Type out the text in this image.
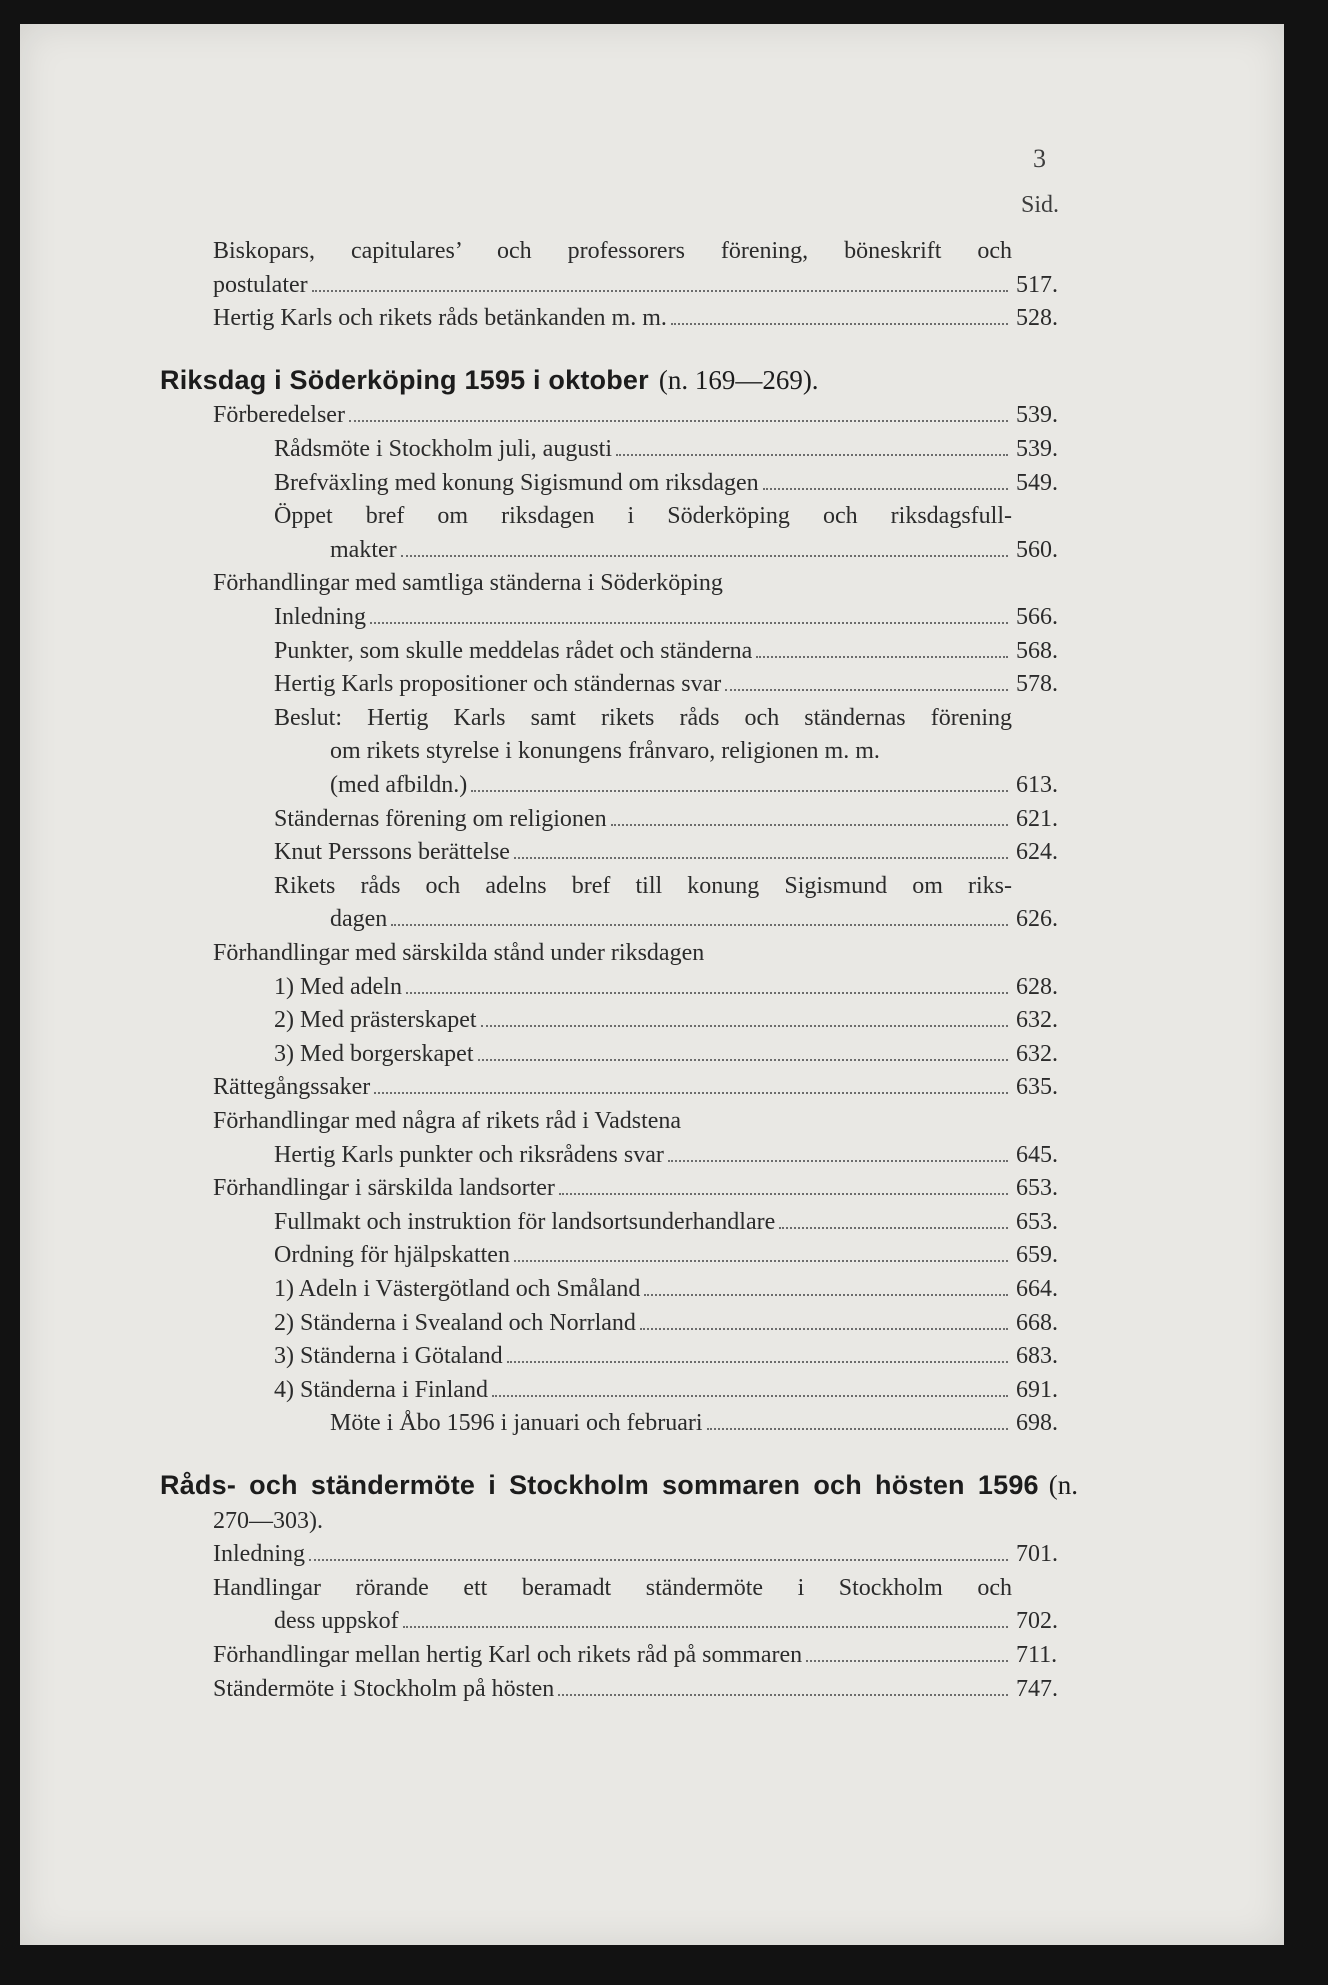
3
Sid.
Biskopars, capitulares’ och professorers förening, böneskrift och
postulater	517.
Hertig Karls och rikets råds betänkanden m. m.	528.
Riksdag i Söderköping 1595 i oktober (n. 169—269).
Förberedelser	539.
Rådsmöte i Stockholm juli, augusti	539.
Brefväxling med konung Sigismund om riksdagen	549.
Öppet bref om riksdagen i Söderköping och riksdagsfull-
makter	560.
Förhandlingar med samtliga ständerna i Söderköping
Inledning	566.
Punkter, som skulle meddelas rådet och ständerna	568.
Hertig Karls propositioner och ständernas svar	578.
Beslut: Hertig Karls samt rikets råds och ständernas förening
om rikets styrelse i konungens frånvaro, religionen m. m.
(med afbildn.)	613.
Ständernas förening om religionen	621.
Knut Perssons berättelse	624.
Rikets råds och adelns bref till konung Sigismund om riks-
dagen	626.
Förhandlingar med särskilda stånd under riksdagen
1) Med adeln	628.
2) Med prästerskapet	632.
3) Med borgerskapet	632.
Rättegångssaker	635.
Förhandlingar med några af rikets råd i Vadstena
Hertig Karls punkter och riksrådens svar	645.
Förhandlingar i särskilda landsorter	653.
Fullmakt och instruktion för landsortsunderhandlare	653.
Ordning för hjälpskatten	659.
1) Adeln i Västergötland och Småland	664.
2) Ständerna i Svealand och Norrland	668.
3) Ständerna i Götaland	683.
4) Ständerna i Finland	691.
Möte i Åbo 1596 i januari och februari	698.
Råds- och ständermöte i Stockholm sommaren och hösten 1596 (n.
270—303).
Inledning	701.
Handlingar rörande ett beramadt ständermöte i Stockholm och
dess uppskof	702.
Förhandlingar mellan hertig Karl och rikets råd på sommaren	711.
Ständermöte i Stockholm på hösten	747.
